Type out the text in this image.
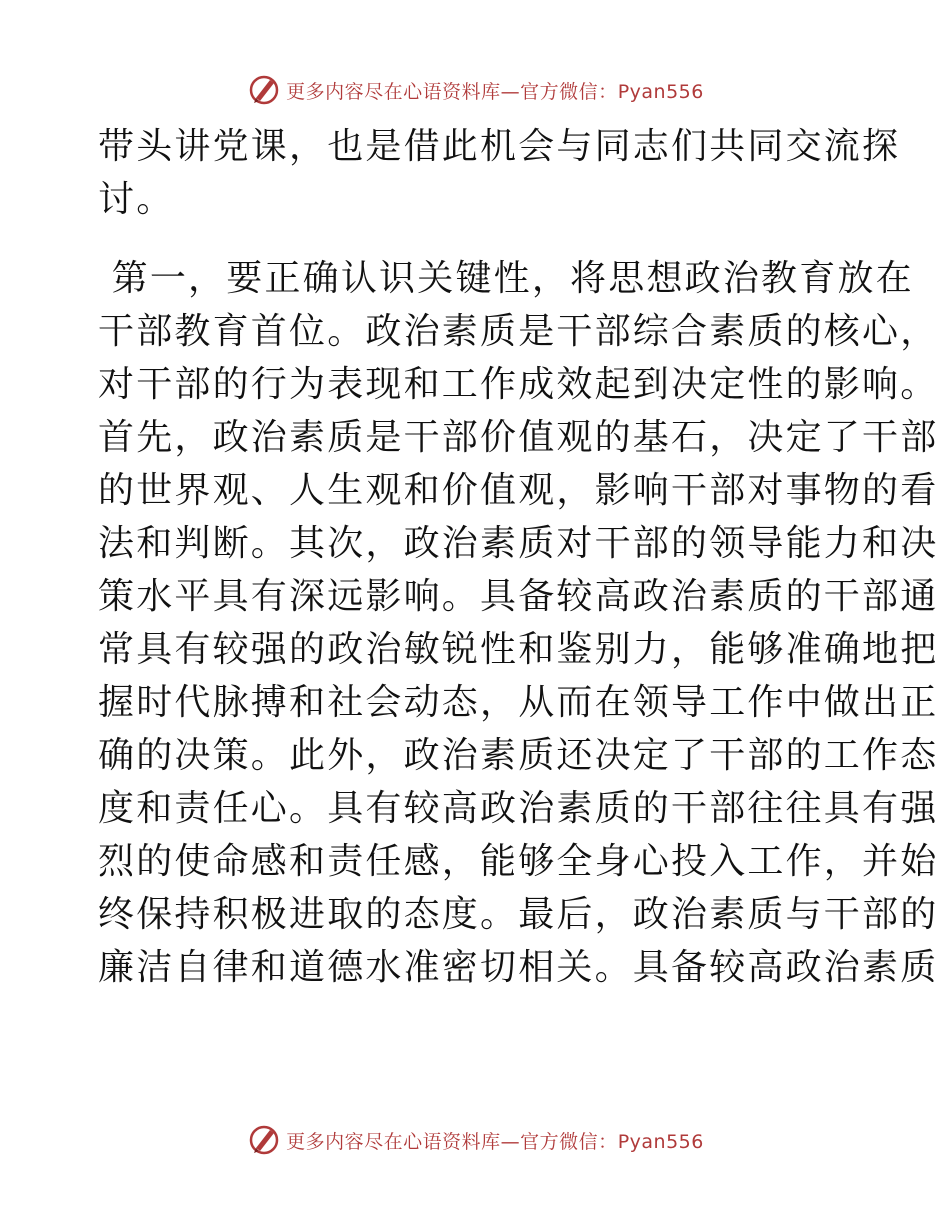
更多内容尽在心语资料库—官方微信：Pyan556

带头讲党课，也是借此机会与同志们共同交流探
讨。

第一，要正确认识关键性，将思想政治教育放在
干部教育首位。政治素质是干部综合素质的核心，
对干部的行为表现和工作成效起到决定性的影响。
首先，政治素质是干部价值观的基石，决定了干部
的世界观、人生观和价值观，影响干部对事物的看
法和判断。其次，政治素质对干部的领导能力和决
策水平具有深远影响。具备较高政治素质的干部通
常具有较强的政治敏锐性和鉴别力，能够准确地把
握时代脉搏和社会动态，从而在领导工作中做出正
确的决策。此外，政治素质还决定了干部的工作态
度和责任心。具有较高政治素质的干部往往具有强
烈的使命感和责任感，能够全身心投入工作，并始
终保持积极进取的态度。最后，政治素质与干部的
廉洁自律和道德水准密切相关。具备较高政治素质

更多内容尽在心语资料库—官方微信：Pyan556
